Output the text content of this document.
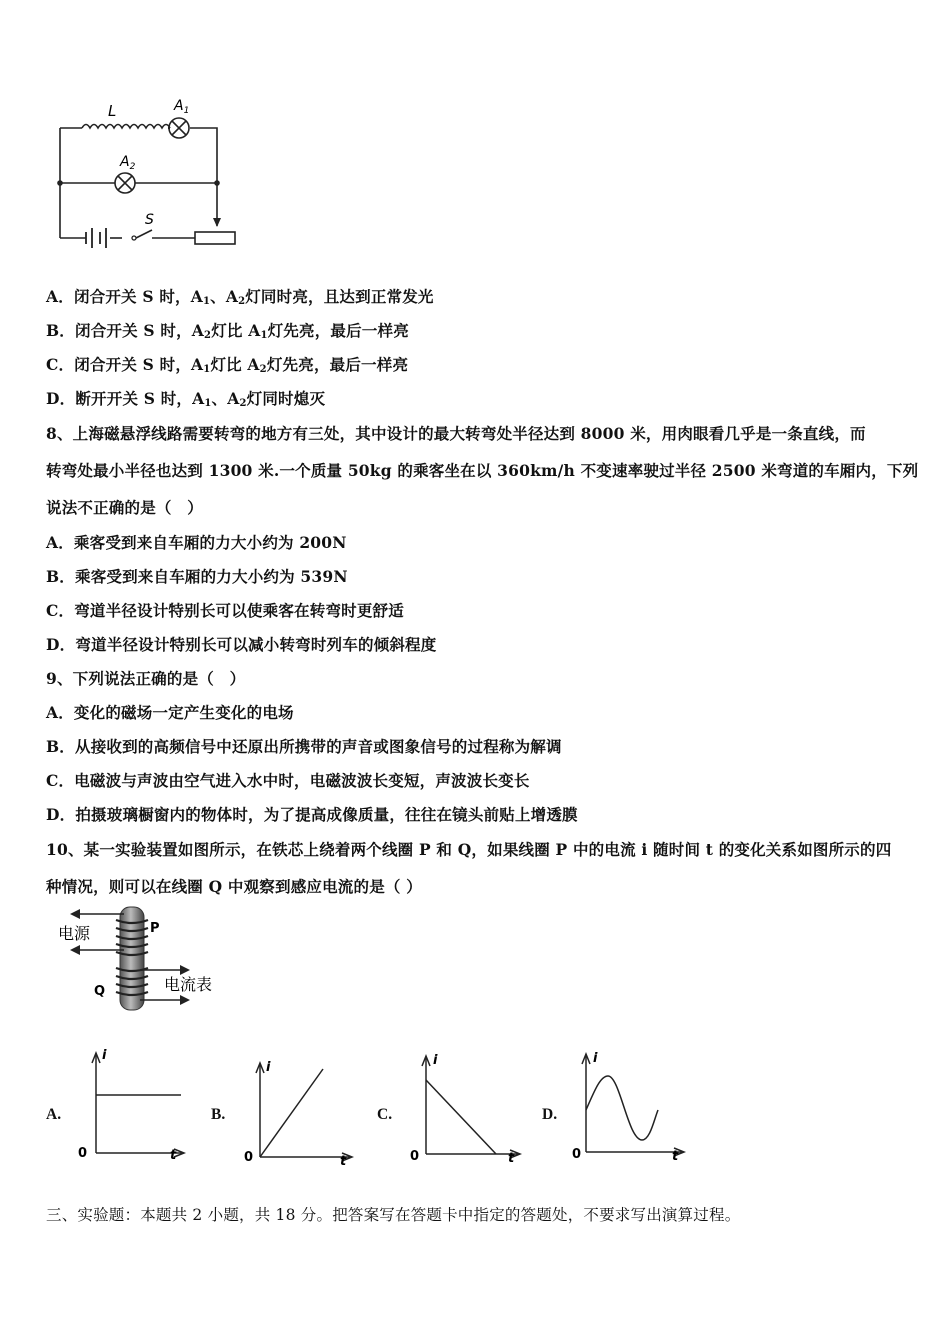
L	$A_1$
$A_2$
S
A．闭合开关 S 时，$A_1$、$A_2$灯同时亮，且达到正常发光
B．闭合开关 S 时，$A_2$灯比 $A_1$灯先亮，最后一样亮
C．闭合开关 S 时，$A_1$灯比 $A_2$灯先亮，最后一样亮
D．断开开关 S 时，$A_1$、$A_2$灯同时熄灭
8、上海磁悬浮线路需要转弯的地方有三处，其中设计的最大转弯处半径达到 8000 米，用肉眼看几乎是一条直线，而
转弯处最小半径也达到 1300 米.一个质量 50kg 的乘客坐在以 360km/h 不变速率驶过半径 2500 米弯道的车厢内，下列
说法不正确的是（　）
A．乘客受到来自车厢的力大小约为 200N
B．乘客受到来自车厢的力大小约为 539N
C．弯道半径设计特别长可以使乘客在转弯时更舒适
D．弯道半径设计特别长可以减小转弯时列车的倾斜程度
9、下列说法正确的是（　）
A．变化的磁场一定产生变化的电场
B．从接收到的高频信号中还原出所携带的声音或图象信号的过程称为解调
C．电磁波与声波由空气进入水中时，电磁波波长变短，声波波长变长
D．拍摄玻璃橱窗内的物体时，为了提高成像质量，往往在镜头前贴上增透膜
10、某一实验装置如图所示，在铁芯上绕着两个线圈 P 和 Q，如果线圈 P 中的电流 i 随时间 t 的变化关系如图所示的四
种情况，则可以在线圈 Q 中观察到感应电流的是（ ）
电源	P
Q	电流表
A.
i
0	t
B.
i
0	t
C.
i
0	t
D.
i
0	t
三、实验题：本题共 2 小题，共 18 分。把答案写在答题卡中指定的答题处，不要求写出演算过程。
